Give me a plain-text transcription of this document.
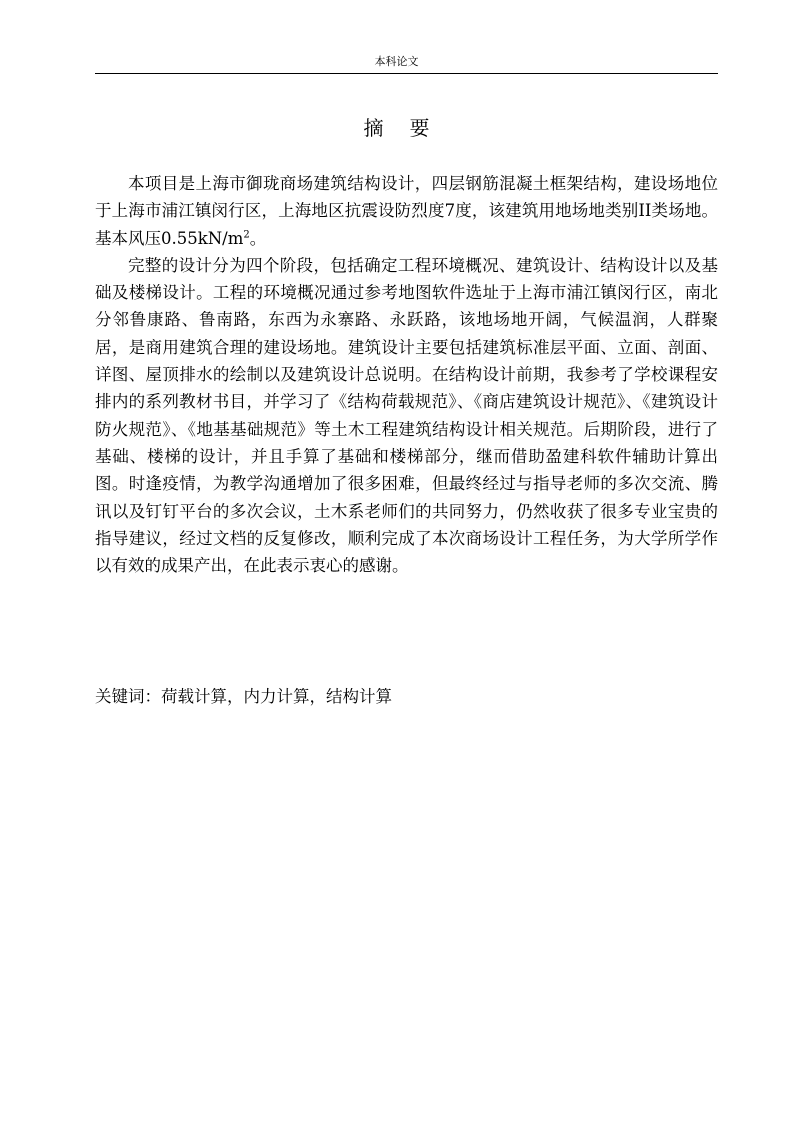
本科论文
摘要

本项目是上海市御珑商场建筑结构设计，四层钢筋混凝土框架结构，建设场地位于上海市浦江镇闵行区，上海地区抗震设防烈度7度，该建筑用地场地类别II类场地。基本风压$0.55kN/m^2$。

完整的设计分为四个阶段，包括确定工程环境概况、建筑设计、结构设计以及基础及楼梯设计。工程的环境概况通过参考地图软件选址于上海市浦江镇闵行区，南北分邻鲁康路、鲁南路，东西为永寨路、永跃路，该地场地开阔，气候温润，人群聚居，是商用建筑合理的建设场地。建筑设计主要包括建筑标准层平面、立面、剖面、详图、屋顶排水的绘制以及建筑设计总说明。在结构设计前期，我参考了学校课程安排内的系列教材书目，并学习了《结构荷载规范》、《商店建筑设计规范》、《建筑设计防火规范》、《地基基础规范》等土木工程建筑结构设计相关规范。后期阶段，进行了基础、楼梯的设计，并且手算了基础和楼梯部分，继而借助盈建科软件辅助计算出图。时逢疫情，为教学沟通增加了很多困难，但最终经过与指导老师的多次交流、腾讯以及钉钉平台的多次会议，土木系老师们的共同努力，仍然收获了很多专业宝贵的指导建议，经过文档的反复修改，顺利完成了本次商场设计工程任务，为大学所学作以有效的成果产出，在此表示衷心的感谢。

关键词：荷载计算，内力计算，结构计算
